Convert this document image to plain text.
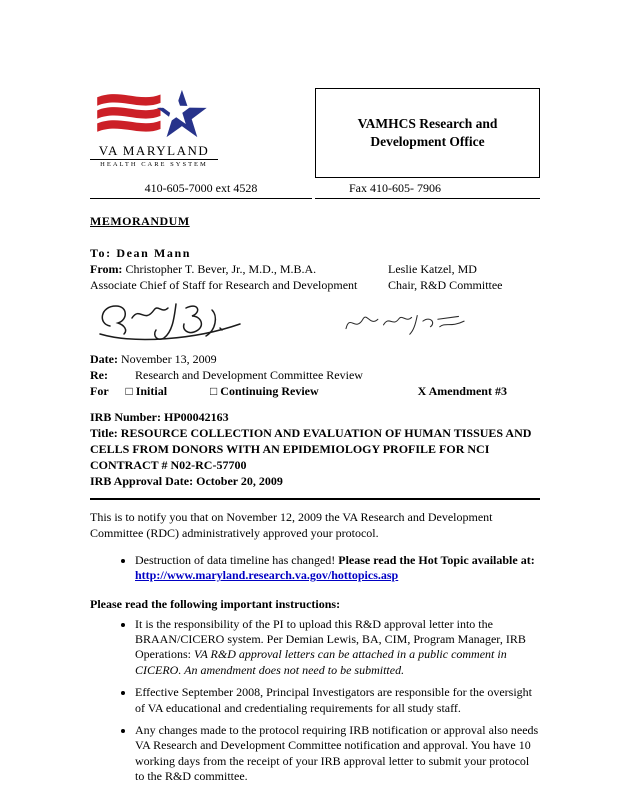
VA MARYLAND
HEALTH CARE SYSTEM
VAMHCS Research and Development Office
410-605-7000 ext 4528	Fax 410-605- 7906
MEMORANDUM
To: Dean Mann
From: Christopher T. Bever, Jr., M.D., M.B.A.	Leslie Katzel, MD
Associate Chief of Staff for Research and Development	Chair, R&D Committee
Date: November 13, 2009
Re: Research and Development Committee Review
For □ Initial	□ Continuing Review	X Amendment #3
IRB Number: HP00042163
Title: RESOURCE COLLECTION AND EVALUATION OF HUMAN TISSUES AND CELLS FROM DONORS WITH AN EPIDEMIOLOGY PROFILE FOR NCI CONTRACT # N02-RC-57700
IRB Approval Date: October 20, 2009

This is to notify you that on November 12, 2009 the VA Research and Development Committee (RDC) administratively approved your protocol.

• Destruction of data timeline has changed! Please read the Hot Topic available at: http://www.maryland.research.va.gov/hottopics.asp
Please read the following important instructions:
• It is the responsibility of the PI to upload this R&D approval letter into the BRAAN/CICERO system. Per Demian Lewis, BA, CIM, Program Manager, IRB Operations: VA R&D approval letters can be attached in a public comment in CICERO. An amendment does not need to be submitted.
• Effective September 2008, Principal Investigators are responsible for the oversight of VA educational and credentialing requirements for all study staff.
• Any changes made to the protocol requiring IRB notification or approval also needs VA Research and Development Committee notification and approval. You have 10 working days from the receipt of your IRB approval letter to submit your protocol to the R&D committee.
